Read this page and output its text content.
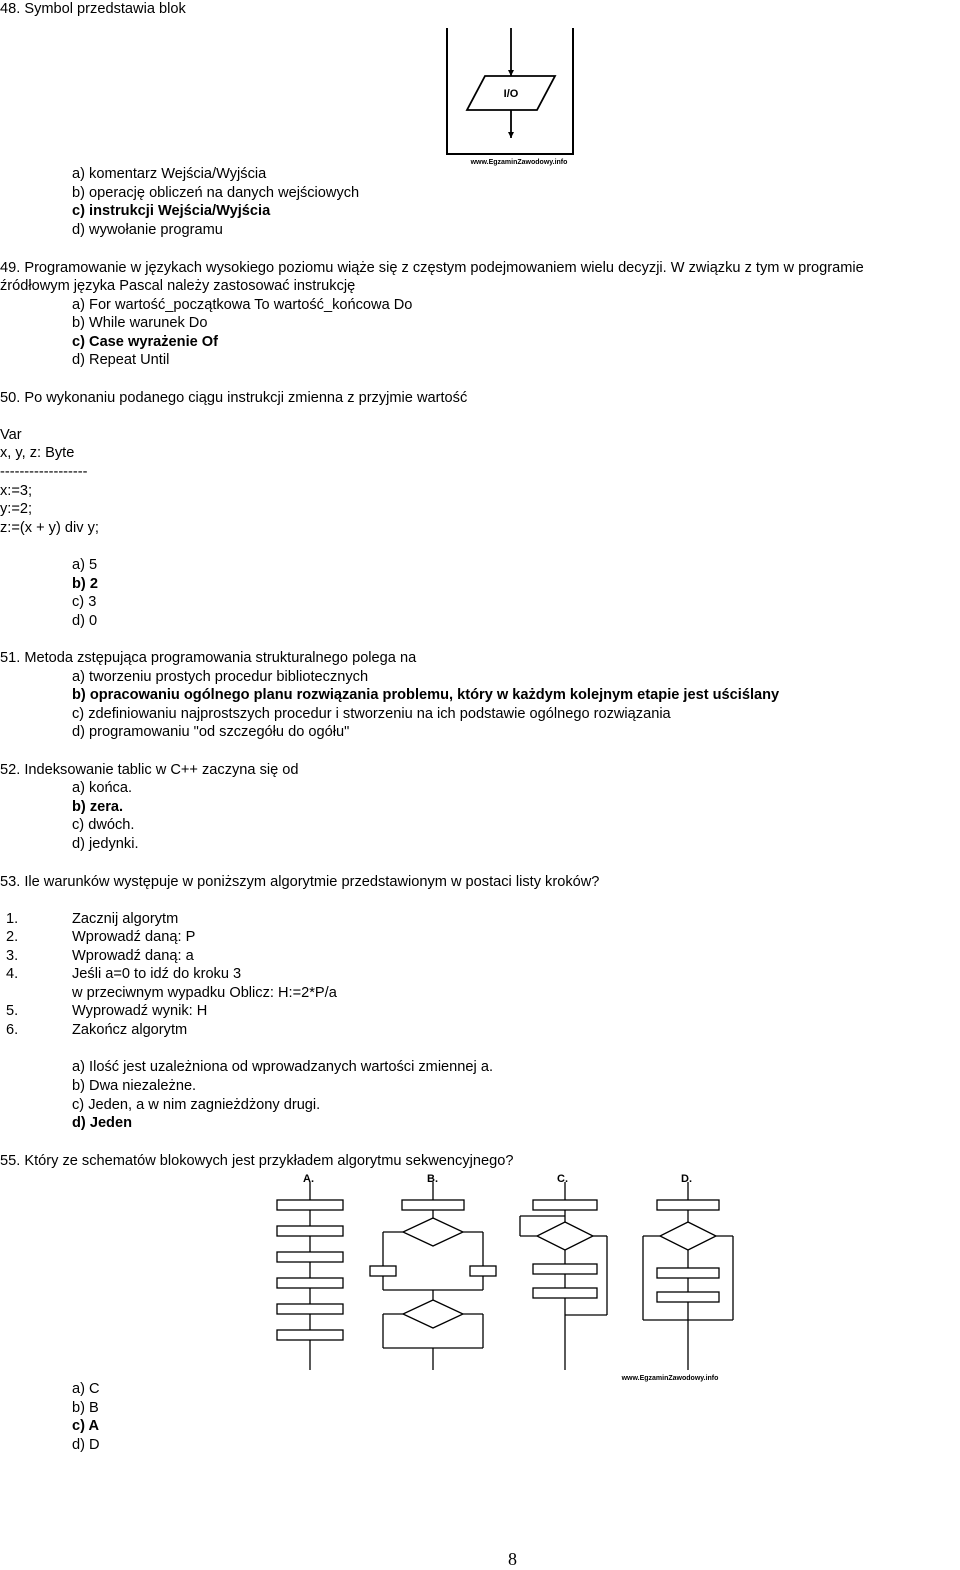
48. Symbol przedstawia blok
I/O
www.EgzaminZawodowy.info
a) komentarz Wejścia/Wyjścia
b) operację obliczeń na danych wejściowych
c) instrukcji Wejścia/Wyjścia
d) wywołanie programu
49. Programowanie w językach wysokiego poziomu wiąże się z częstym podejmowaniem wielu decyzji. W związku z tym w programie
źródłowym języka Pascal należy zastosować instrukcję
a) For wartość_początkowa To wartość_końcowa Do
b) While warunek Do
c) Case wyrażenie Of
d) Repeat Until
50. Po wykonaniu podanego ciągu instrukcji zmienna z przyjmie wartość
Var
x, y, z: Byte
------------------
x:=3;
y:=2;
z:=(x + y) div y;
a) 5
b) 2
c) 3
d) 0
51. Metoda zstępująca programowania strukturalnego polega na
a) tworzeniu prostych procedur bibliotecznych
b) opracowaniu ogólnego planu rozwiązania problemu, który w każdym kolejnym etapie jest uściślany
c) zdefiniowaniu najprostszych procedur i stworzeniu na ich podstawie ogólnego rozwiązania
d) programowaniu "od szczegółu do ogółu"
52. Indeksowanie tablic w C++ zaczyna się od
a) końca.
b) zera.
c) dwóch.
d) jedynki.
53. Ile warunków występuje w poniższym algorytmie przedstawionym w postaci listy kroków?
1.	Zacznij algorytm
2.	Wprowadź daną: P
3.	Wprowadź daną: a
4.	Jeśli a=0 to idź do kroku 3
w przeciwnym wypadku Oblicz: H:=2*P/a
5.	Wyprowadź wynik: H
6.	Zakończ algorytm
a) Ilość jest uzależniona od wprowadzanych wartości zmiennej a.
b) Dwa niezależne.
c) Jeden, a w nim zagnieżdżony drugi.
d) Jeden
55. Który ze schematów blokowych jest przykładem algorytmu sekwencyjnego?
A.	B.	C.	D.
www.EgzaminZawodowy.info
a) C
b) B
c) A
d) D
8
